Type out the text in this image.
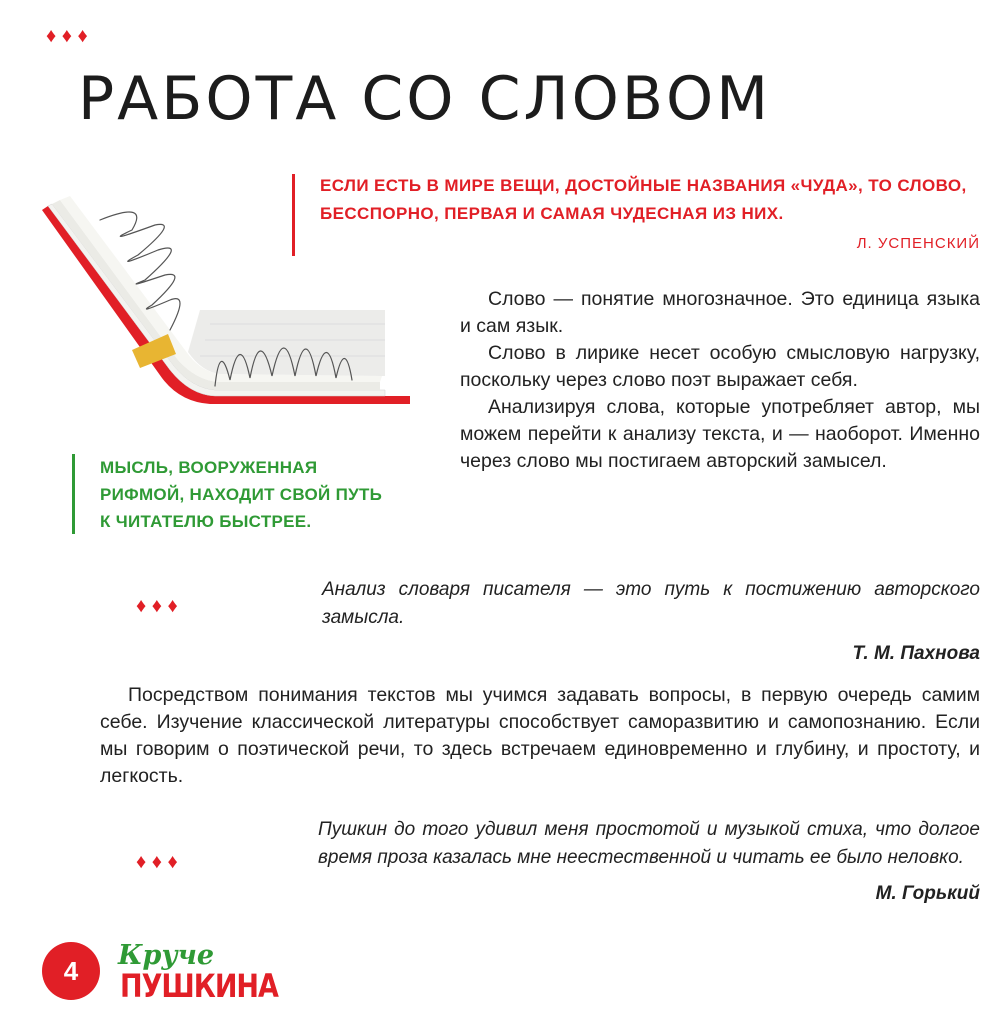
♦ ♦ ♦
РАБОТА СО СЛОВОМ
ЕСЛИ ЕСТЬ В МИРЕ ВЕЩИ, ДОСТОЙНЫЕ НАЗВАНИЯ «ЧУДА», ТО СЛОВО, БЕССПОРНО, ПЕРВАЯ И САМАЯ ЧУДЕСНАЯ ИЗ НИХ.
Л. УСПЕНСКИЙ
МЫСЛЬ, ВООРУЖЕННАЯ РИФМОЙ, НАХОДИТ СВОЙ ПУТЬ К ЧИТАТЕЛЮ БЫСТРЕЕ.

Слово — понятие многозначное. Это единица языка и сам язык.

Слово в лирике несет особую смысловую нагрузку, поскольку через слово поэт выражает себя.

Анализируя слова, которые употребляет автор, мы можем перейти к анализу текста, и — наоборот. Именно через слово мы постигаем авторский замысел.

♦ ♦ ♦
Анализ словаря писателя — это путь к постижению авторского замысла.
Т. М. Пахнова
Посредством понимания текстов мы учимся задавать вопросы, в первую очередь самим себе. Изучение классической литературы способствует саморазвитию и самопознанию. Если мы говорим о поэтической речи, то здесь встречаем единовременно и глубину, и простоту, и легкость.
♦ ♦ ♦
Пушкин до того удивил меня простотой и музыкой стиха, что долгое время проза казалась мне неестественной и читать ее было неловко.
М. Горький
4	Круче
ПУШКИНА
